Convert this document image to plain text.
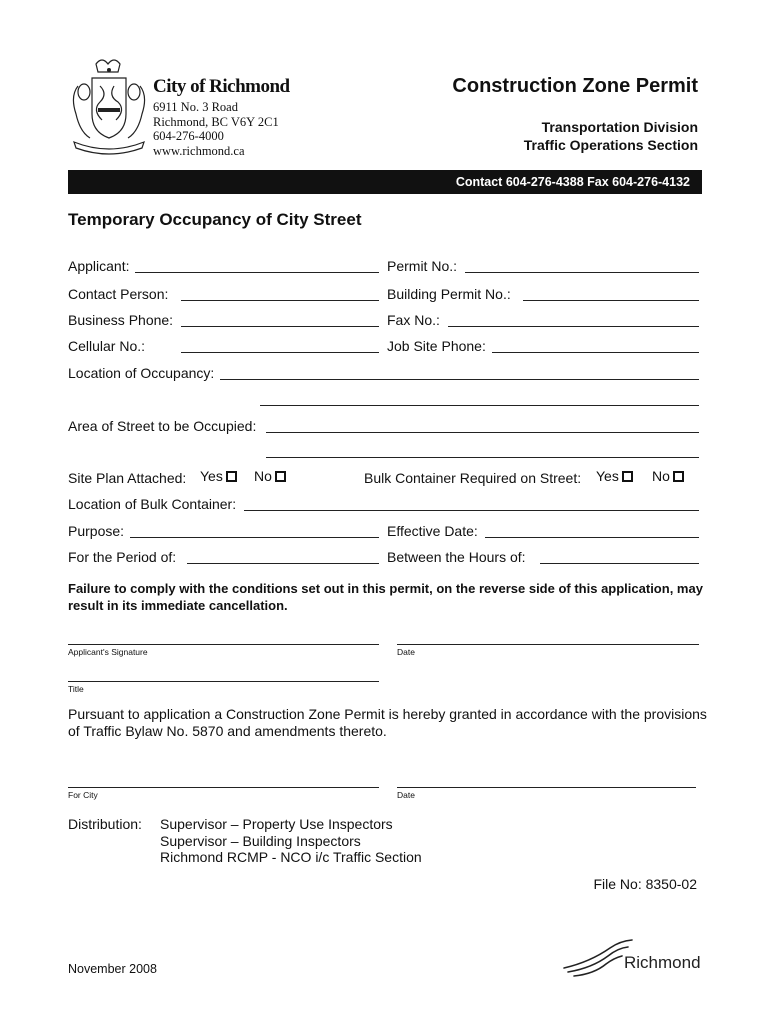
City of Richmond
6911 No. 3 Road
Richmond, BC V6Y 2C1
604-276-4000
www.richmond.ca
Construction Zone Permit
Transportation Division
Traffic Operations Section
Contact 604-276-4388 Fax 604-276-4132
Temporary Occupancy of City Street
Applicant:	Permit No.:
Contact Person:	Building Permit No.:
Business Phone:	Fax No.:
Cellular No.:	Job Site Phone:
Location of Occupancy:
Area of Street to be Occupied:
Site Plan Attached: Yes	No	Bulk Container Required on Street: Yes	No
Location of Bulk Container:
Purpose:	Effective Date:
For the Period of:	Between the Hours of:
Failure to comply with the conditions set out in this permit, on the reverse side of this application, may result in its immediate cancellation.
Applicant's Signature	Date
Title
Pursuant to application a Construction Zone Permit is hereby granted in accordance with the provisions of Traffic Bylaw No. 5870 and amendments thereto.
For City	Date
Distribution: Supervisor – Property Use Inspectors
Supervisor – Building Inspectors
Richmond RCMP - NCO i/c Traffic Section
File No: 8350-02
November 2008	Richmond
